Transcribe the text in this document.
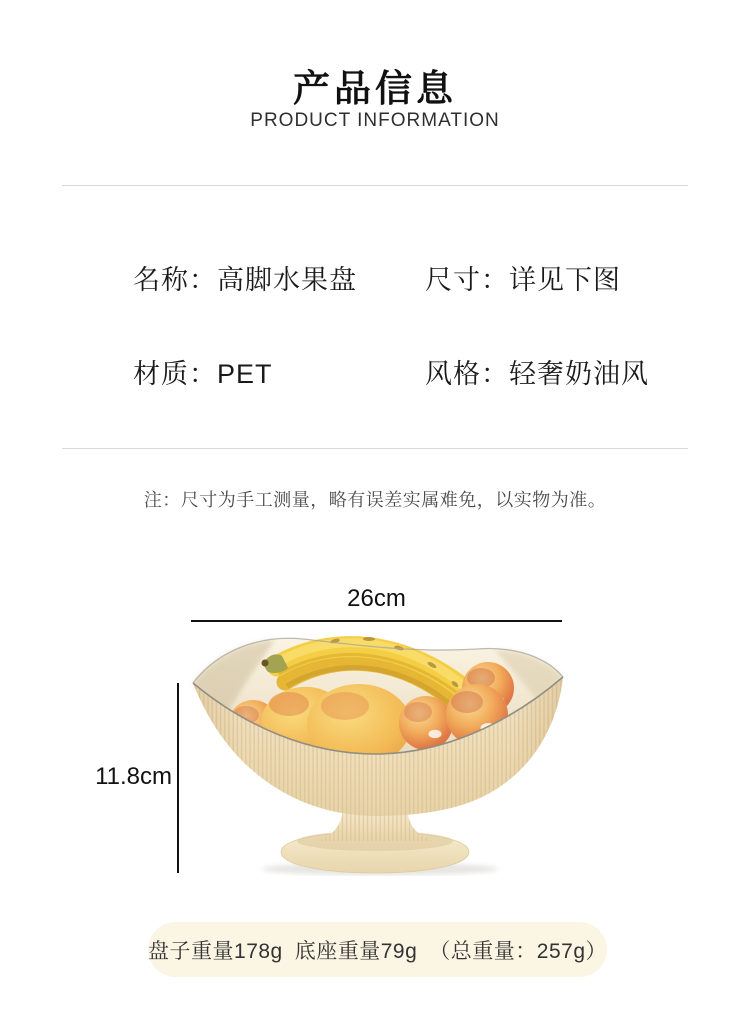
产品信息
PRODUCT INFORMATION
名称：高脚水果盘	尺寸：详见下图
材质：PET	风格：轻奢奶油风
注：尺寸为手工测量，略有误差实属难免，以实物为准。
26cm
11.8cm
盘子重量178g 底座重量79g （总重量：257g）
